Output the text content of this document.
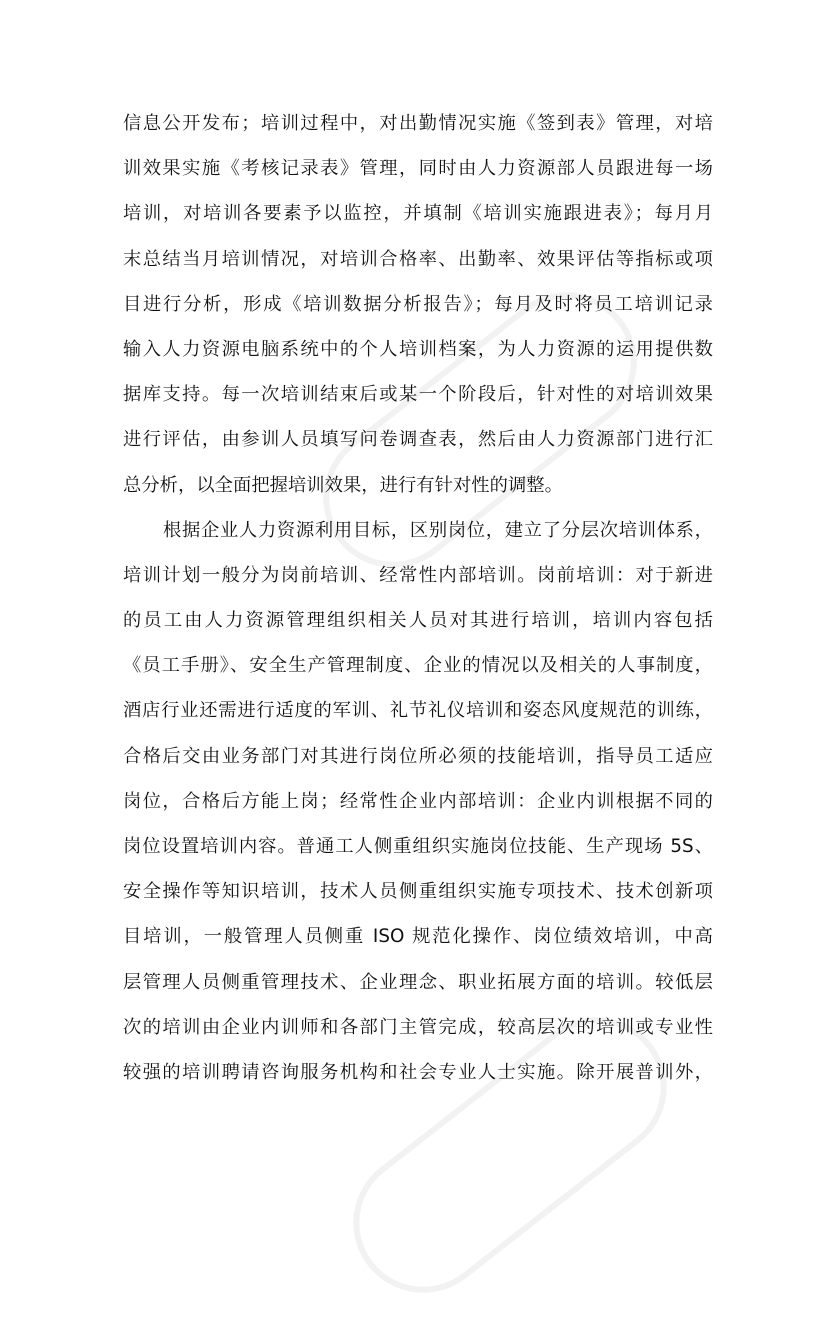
信息公开发布；培训过程中，对出勤情况实施《签到表》管理，对培
训效果实施《考核记录表》管理，同时由人力资源部人员跟进每一场
培训，对培训各要素予以监控，并填制《培训实施跟进表》；每月月
末总结当月培训情况，对培训合格率、出勤率、效果评估等指标或项
目进行分析，形成《培训数据分析报告》；每月及时将员工培训记录
输入人力资源电脑系统中的个人培训档案，为人力资源的运用提供数
据库支持。每一次培训结束后或某一个阶段后，针对性的对培训效果
进行评估，由参训人员填写问卷调查表，然后由人力资源部门进行汇
总分析，以全面把握培训效果，进行有针对性的调整。
根据企业人力资源利用目标，区别岗位，建立了分层次培训体系，
培训计划一般分为岗前培训、经常性内部培训。岗前培训：对于新进
的员工由人力资源管理组织相关人员对其进行培训，培训内容包括
《员工手册》、安全生产管理制度、企业的情况以及相关的人事制度，
酒店行业还需进行适度的军训、礼节礼仪培训和姿态风度规范的训练，
合格后交由业务部门对其进行岗位所必须的技能培训，指导员工适应
岗位，合格后方能上岗；经常性企业内部培训：企业内训根据不同的
岗位设置培训内容。普通工人侧重组织实施岗位技能、生产现场 5S、
安全操作等知识培训，技术人员侧重组织实施专项技术、技术创新项
目培训，一般管理人员侧重 ISO 规范化操作、岗位绩效培训，中高
层管理人员侧重管理技术、企业理念、职业拓展方面的培训。较低层
次的培训由企业内训师和各部门主管完成，较高层次的培训或专业性
较强的培训聘请咨询服务机构和社会专业人士实施。除开展普训外，
